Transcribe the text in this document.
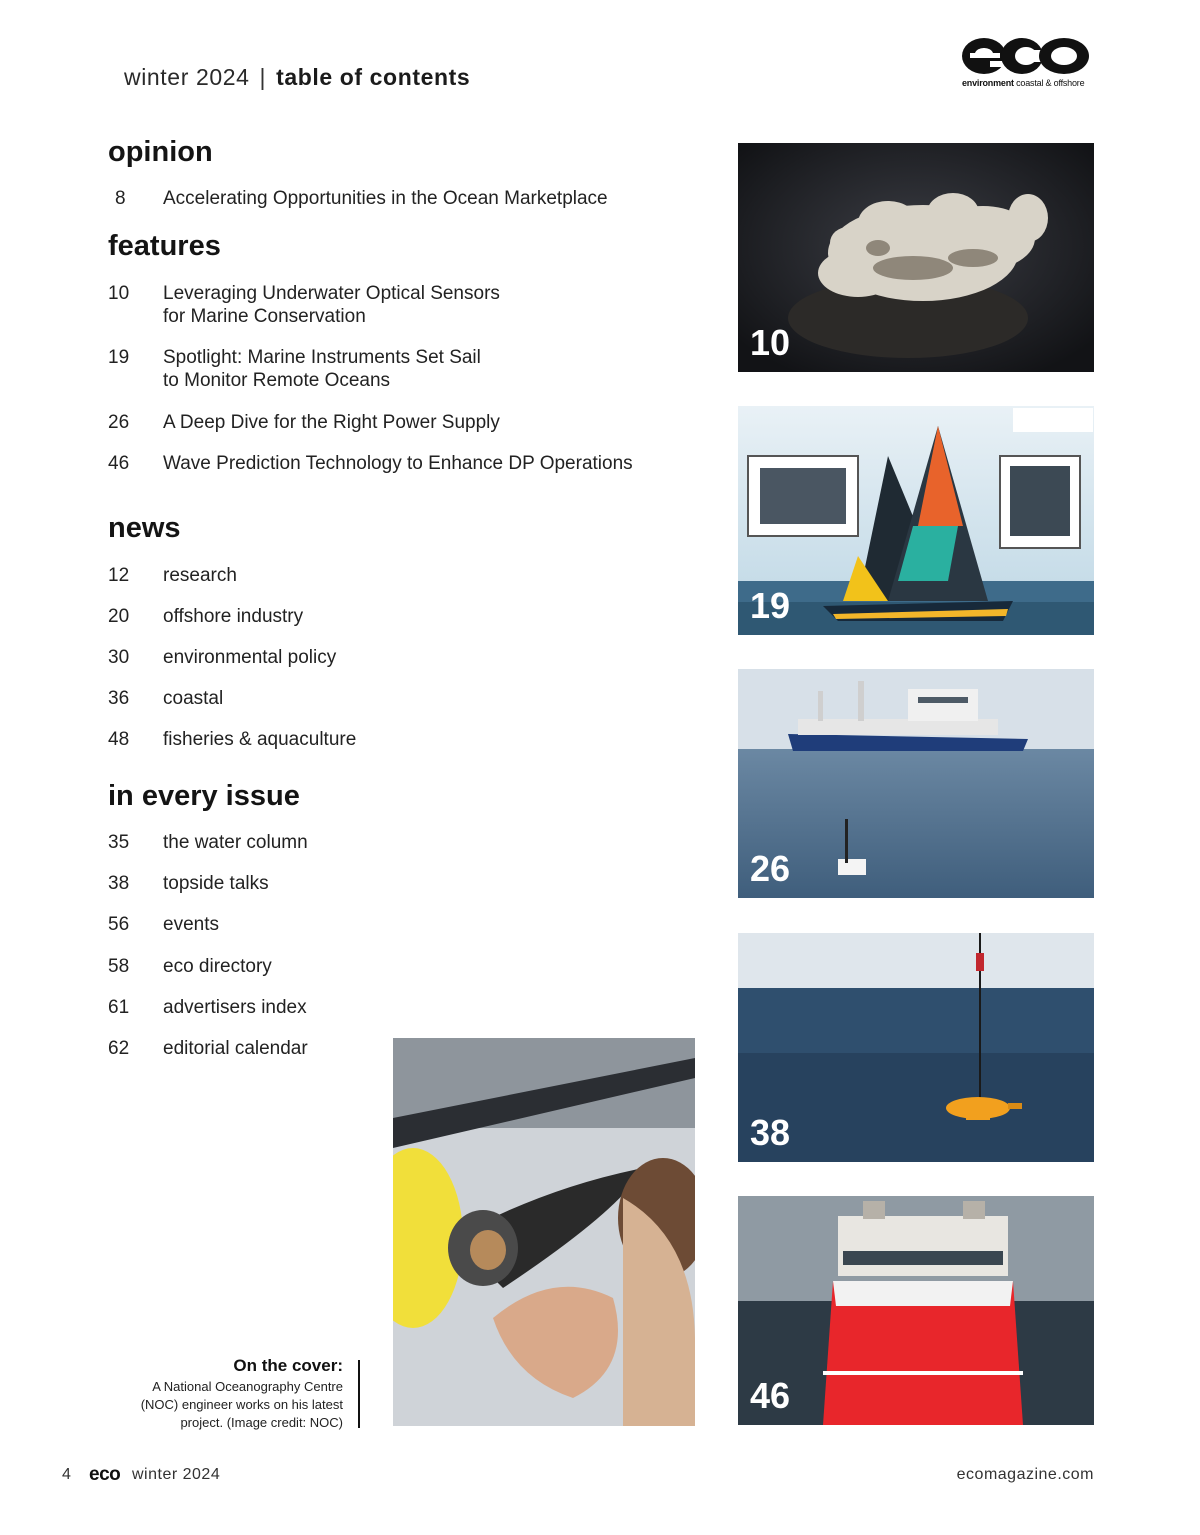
winter 2024 | table of contents	environment coastal & offshore
opinion
8	Accelerating Opportunities in the Ocean Marketplace
features
10	Leveraging Underwater Optical Sensors
for Marine Conservation
19	Spotlight: Marine Instruments Set Sail
to Monitor Remote Oceans
26	A Deep Dive for the Right Power Supply
46	Wave Prediction Technology to Enhance DP Operations
news
12	research
20	offshore industry
30	environmental policy
36	coastal
48	fisheries & aquaculture
in every issue
35	the water column
38	topside talks
56	events
58	eco directory
61	advertisers index
62	editorial calendar
10
19
26
38
46
On the cover:
A National Oceanography Centre
(NOC) engineer works on his latest
project. (Image credit: NOC)
4 eco winter 2024	ecomagazine.com
